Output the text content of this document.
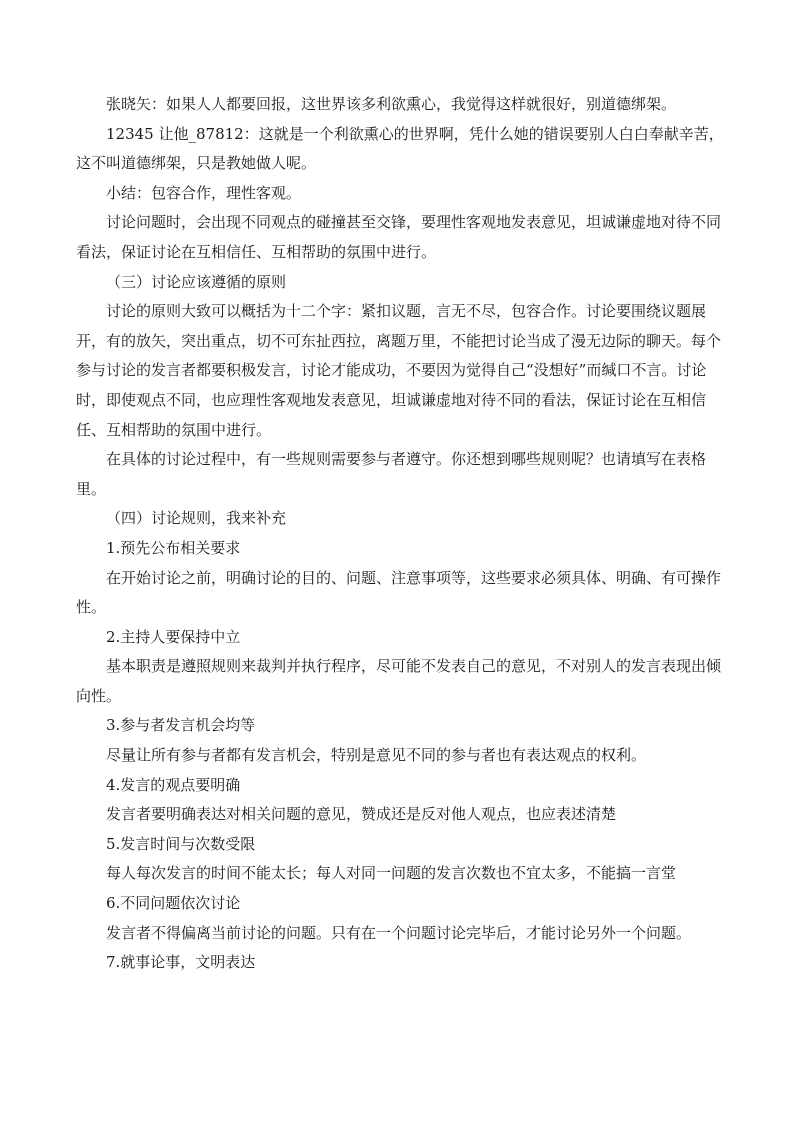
张晓矢：如果人人都要回报，这世界该多利欲熏心，我觉得这样就很好，别道德绑架。

12345 让他_87812：这就是一个利欲熏心的世界啊，凭什么她的错误要别人白白奉献辛苦，这不叫道德绑架，只是教她做人呢。

小结：包容合作，理性客观。

讨论问题时，会出现不同观点的碰撞甚至交锋，要理性客观地发表意见，坦诚谦虚地对待不同看法，保证讨论在互相信任、互相帮助的氛围中进行。

（三）讨论应该遵循的原则

讨论的原则大致可以概括为十二个字：紧扣议题，言无不尽，包容合作。讨论要围绕议题展开，有的放矢，突出重点，切不可东扯西拉，离题万里，不能把讨论当成了漫无边际的聊天。每个参与讨论的发言者都要积极发言，讨论才能成功，不要因为觉得自己“没想好”而缄口不言。讨论时，即使观点不同，也应理性客观地发表意见，坦诚谦虚地对待不同的看法，保证讨论在互相信任、互相帮助的氛围中进行。

在具体的讨论过程中，有一些规则需要参与者遵守。你还想到哪些规则呢？也请填写在表格里。

（四）讨论规则，我来补充

1.预先公布相关要求

在开始讨论之前，明确讨论的目的、问题、注意事项等，这些要求必须具体、明确、有可操作性。

2.主持人要保持中立

基本职责是遵照规则来裁判并执行程序，尽可能不发表自己的意见，不对别人的发言表现出倾向性。

3.参与者发言机会均等

尽量让所有参与者都有发言机会，特别是意见不同的参与者也有表达观点的权利。

4.发言的观点要明确

发言者要明确表达对相关问题的意见，赞成还是反对他人观点，也应表述清楚

5.发言时间与次数受限

每人每次发言的时间不能太长；每人对同一问题的发言次数也不宜太多，不能搞一言堂

6.不同问题依次讨论

发言者不得偏离当前讨论的问题。只有在一个问题讨论完毕后，才能讨论另外一个问题。

7.就事论事，文明表达
